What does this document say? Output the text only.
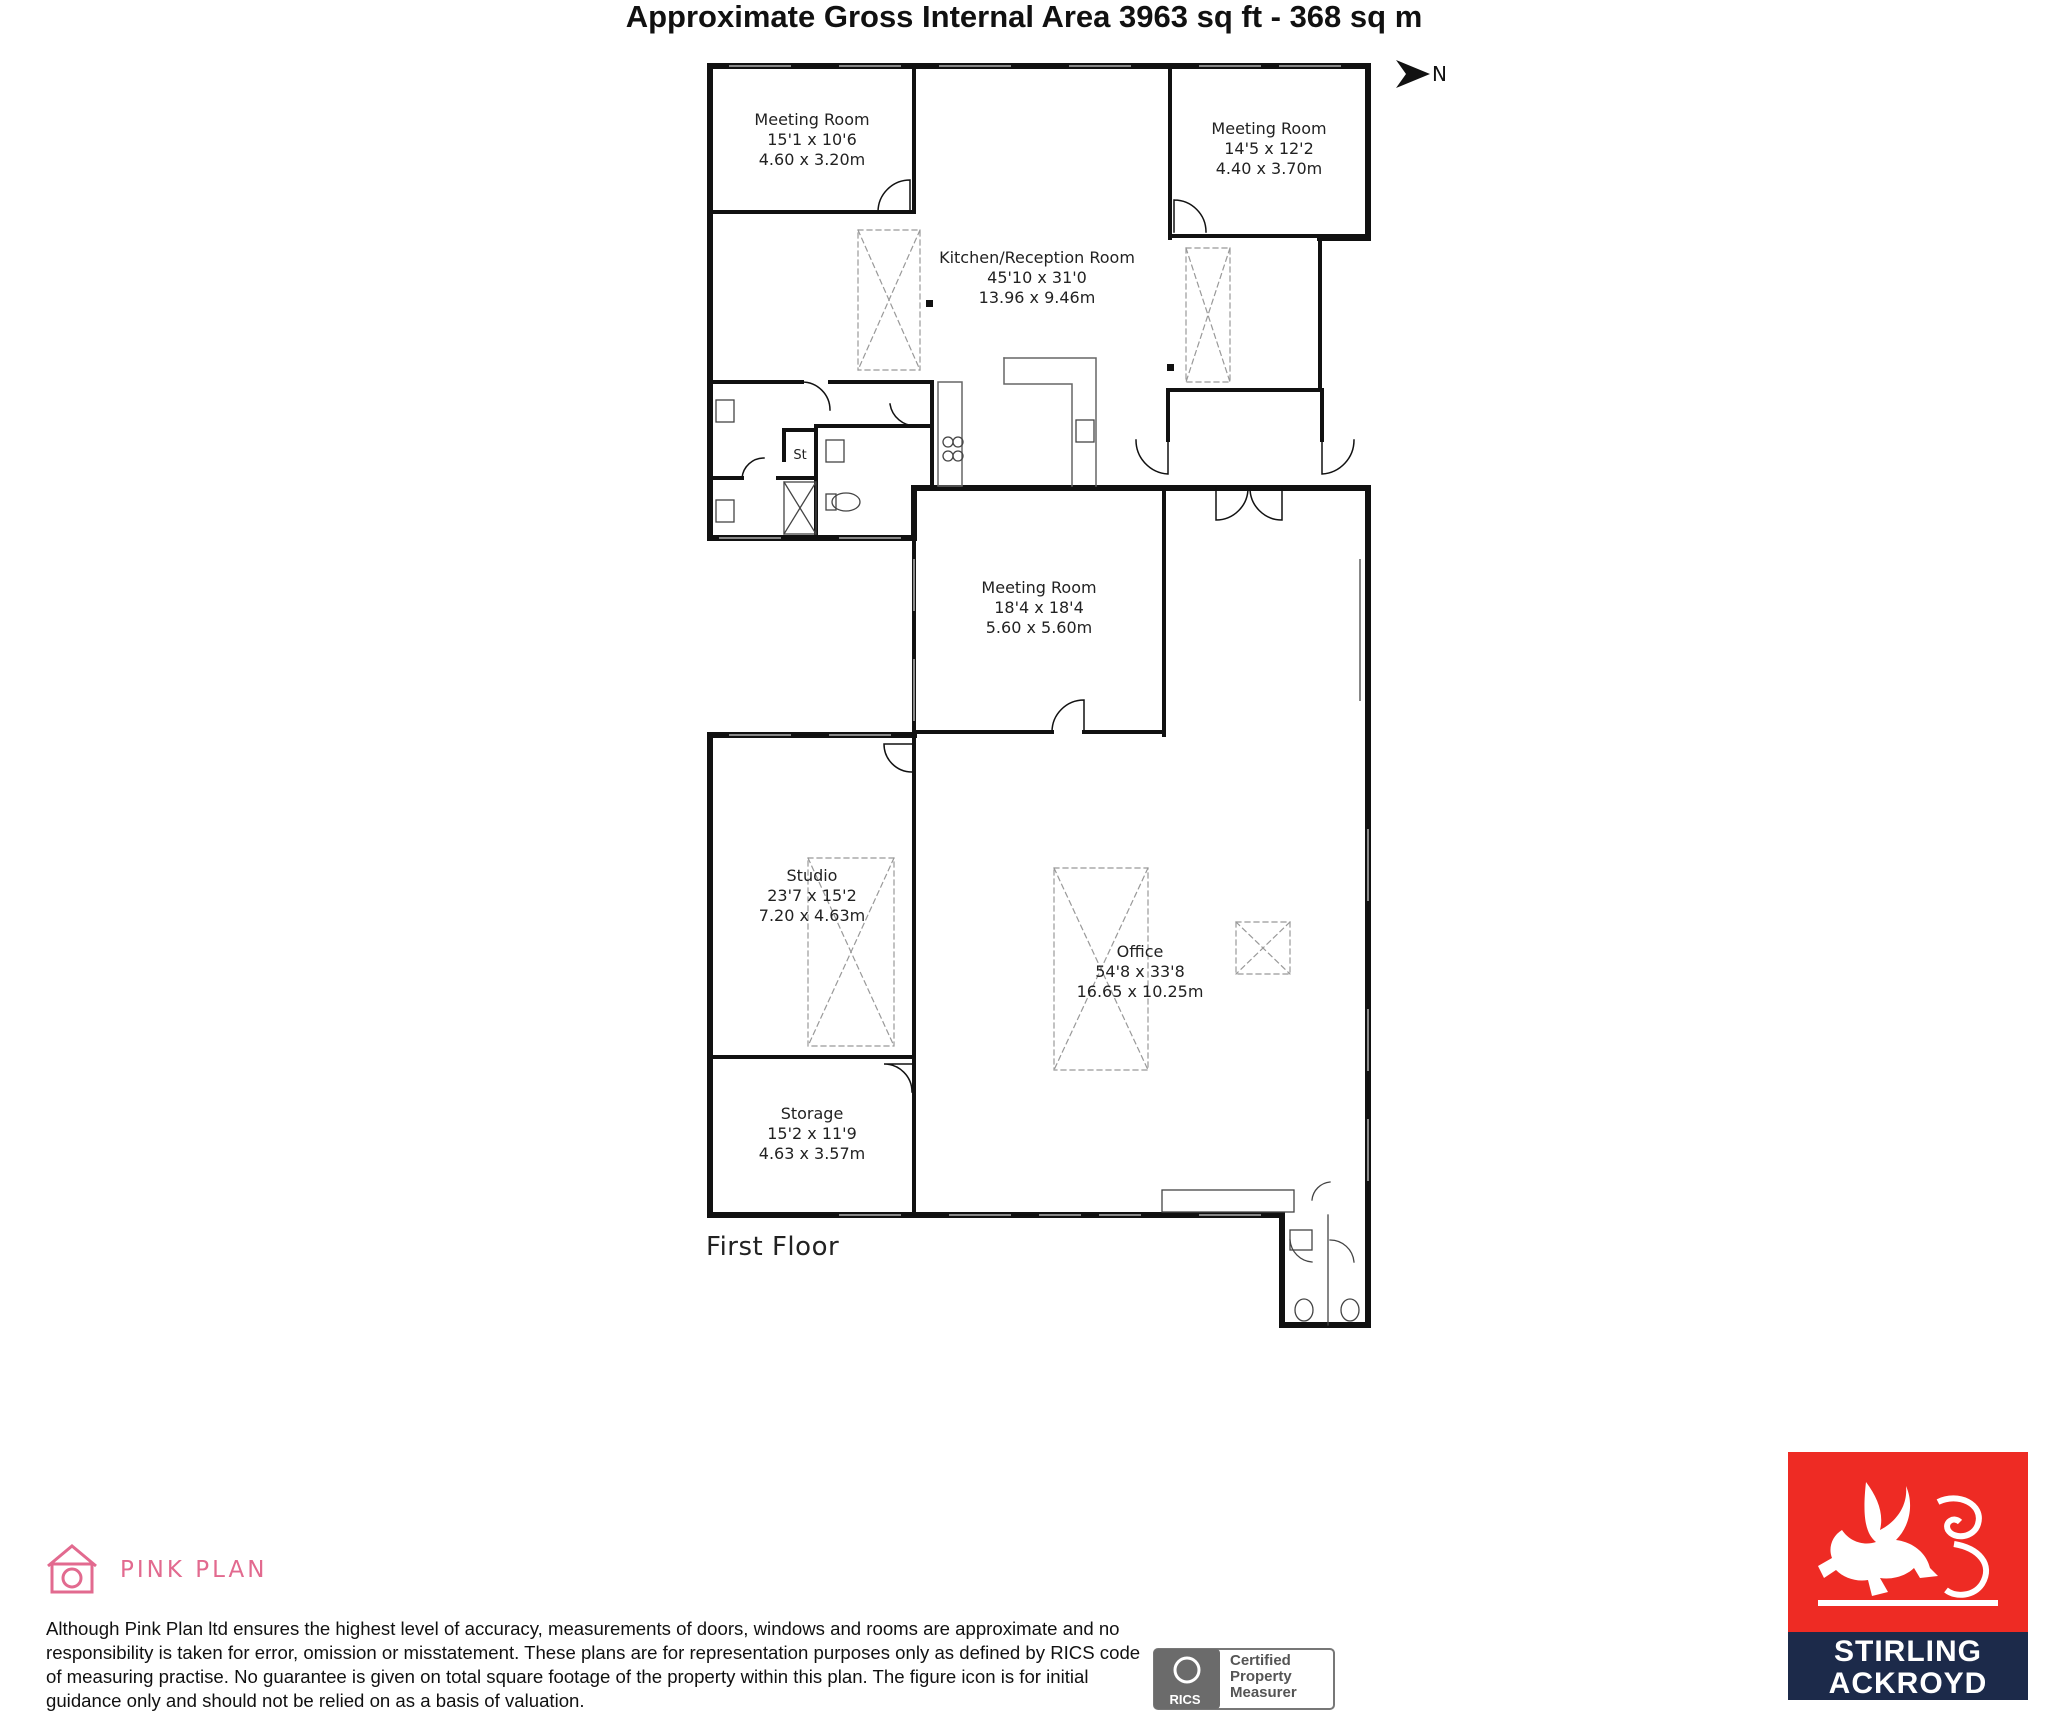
Approximate Gross Internal Area 3963 sq ft - 368 sq m
Meeting Room
15'1 x 10'6
4.60 x 3.20m
Meeting Room
14'5 x 12'2
4.40 x 3.70m
Kitchen/Reception Room
45'10 x 31'0
13.96 x 9.46m
Meeting Room
18'4 x 18'4
5.60 x 5.60m
Studio
23'7 x 15'2
7.20 x 4.63m
Office
54'8 x 33'8
16.65 x 10.25m
Storage
15'2 x 11'9
4.63 x 3.57m
St
First Floor
N
PINK PLAN
Although Pink Plan ltd ensures the highest level of accuracy, measurements of doors, windows and rooms are approximate and no responsibility is taken for error, omission or misstatement. These plans are for representation purposes only as defined by RICS code of measuring practise. No guarantee is given on total square footage of the property within this plan. The figure icon is for initial guidance only and should not be relied on as a basis of valuation.	RICS
Certified
Property
Measurer
STIRLING
ACKROYD
